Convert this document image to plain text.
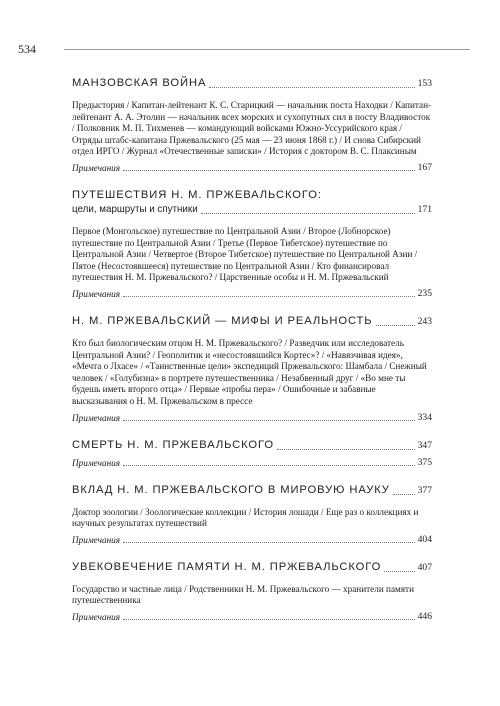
534
МАНЗОВСКАЯ ВОЙНА	153
Предыстория / Капитан-лейтенант К. С. Старицкий — начальник поста Находки / Капитан-лейтенант А. А. Этолин — начальник всех морских и сухопутных сил в посту Владивосток / Полковник М. П. Тихменев — командующий войсками Южно-Уссурийского края / Отряды штабс-капитана Пржевальского (25 мая — 23 июня 1868 г.) / И снова Сибирский отдел ИРГО / Журнал «Отечественные записки» / История с доктором В. С. Плаксиным
Примечания	167
ПУТЕШЕСТВИЯ Н. М. ПРЖЕВАЛЬСКОГО:
цели, маршруты и спутники	171
Первое (Монгольское) путешествие по Центральной Азии / Второе (Лобнорское) путешествие по Центральной Азии / Третье (Первое Тибетское) путешествие по Центральной Азии / Четвертое (Второе Тибетское) путешествие по Центральной Азии / Пятое (Несостоявшееся) путешествие по Центральной Азии / Кто финансировал путешествия Н. М. Пржевальского? / Царственные особы и Н. М. Пржевальский
Примечания	235
Н. М. ПРЖЕВАЛЬСКИЙ — МИФЫ И РЕАЛЬНОСТЬ	243
Кто был биологическим отцом Н. М. Пржевальского? / Разведчик или исследователь Центральной Азии? / Геополитик и «несостоявшийся Кортес»? / «Навязчивая идея», «Мечта о Лхасе» / «Таинственные цели» экспедиций Пржевальского: Шамбала / Снежный человек / «Голубизна» в портрете путешественника / Незабвенный друг / «Во мне ты будешь иметь второго отца» / Первые «пробы пера» / Ошибочные и забавные высказывания о Н. М. Пржевальском в прессе
Примечания	334
СМЕРТЬ Н. М. ПРЖЕВАЛЬСКОГО	347
Примечания	375
ВКЛАД Н. М. ПРЖЕВАЛЬСКОГО В МИРОВУЮ НАУКУ	377
Доктор зоологии / Зоологические коллекции / История лошади / Еще раз о коллекциях и научных результатах путешествий
Примечания	404
УВЕКОВЕЧЕНИЕ ПАМЯТИ Н. М. ПРЖЕВАЛЬСКОГО	407
Государство и частные лица / Родственники Н. М. Пржевальского — хранители памяти путешественника
Примечания	446
